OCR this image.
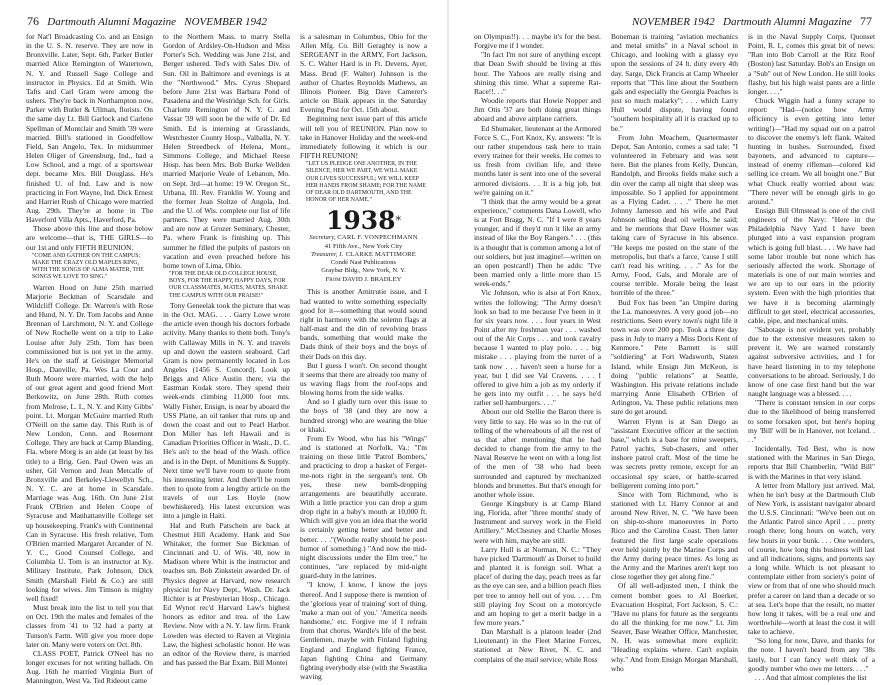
76 Dartmouth Alumni Magazine NOVEMBER 1942

for Nat'l Broadcasting Co. and an Ensign in the U. S. N. reserve. They are now in Bronxville. Later, Sept. 6th, Parker Butler married Alice Remington of Watertown, N. Y. and Russell Sage College and instructor in Physics. Ed at Smith. Win Tafts and Carl Gram were among the ushers. They're back in Northampton now, Parker with Butler & Ullman, florists. On the same day Lt. Bill Garlock and Carlene Spellman of Montclair and Smith '39 were married. Bill's stationed in Goodfellow Field, San Angelo, Tex. In midsummer Helen Oliger of Greensburg, Ind., had a Low School, and a mgr. of a sportswear dept. became Mrs. Bill Douglass. He's finished U. of Ind. Law and is now practicing in Fort Wayne, Ind. Dick Ernest and Harriet Rush of Chicago were married Aug. 29th. They're at home in The Haverford Villa Apts., Haverford, Pa.

Those above this line and those below are welcome—that is, THE GIRLS—to our 1st and only FIFTH REUNION.

"COME AND GATHER ON THE CAMPUS; MAKE THE CRAZY OLD MAPLES RING, WITH THE SONGS OF ALMA MATER, THE SONGS WE LOVE TO SING."

Warren Hood on June 25th married Marjorie Beckman of Scarsdale and Wildcliff College. Dr. Warren's with Rose and Hund, N. Y. Dr. Tom Jacobs and Anne Brennan of Larchmont, N. Y. and College of New Rochelle went on a trip to Lake Louise after July 25th. Tom has been commissioned but is not yet in the army. He's on the staff at Geisinger Memorial Hosp., Danville, Pa. Wes La Cour and Ruth Moore were married, with the help of our great agent and good friend Mort Berkowitz, on June 28th. Ruth comes from Melrose, L. I., N. Y. and Kitty Gibbs' point. Lt. Morgan McGuire married Ruth O'Neill on the same day. This Ruth is of New London, Conn. and Rosemont College. They are back at Camp Blanding, Fla. where Morg is an aide (at least by his title) to a Brig. Gen. Paul Owen was an usher, Gil Vernon and Jean Metcalfe of Bronxville and Berkeley-Llewellyn Sch., N. Y. C. are at home in Scarsdale. Marriage was Aug. 16th. On June 21st Frank O'Brien and Helen Coope of Syracuse and Manhattanville College set up housekeeping. Frank's with Continental Can in Syracuse. His fresh relative, Tom O'Brien married Margaret Arcander of N. Y. C., Good Counsel College, and Columbia U. Tom is an instructor at Ky. Military Institute, Park Johnson, Dick Smith (Marshall Field & Co.) are still looking for wives. Jim Timson is mighty well fixed!

Must break into the list to tell you that on Oct. 19th the males and females of the classes from '41 to '32 had a party at Tunson's Farm. Will give you more dope later on. Many were voters on Oct. 8th.

CLASS POET, Patrick O'Neel has no longer excuses for not writing ballads. On Aug. 16th he married Virginia Burt of Mannington, West Va. Ted Rideout came

to the Northern Mass. to marry Stella Gordon of Ardsley-On-Hudson and Miss Porter's Sch. Wedding was June 21st, and Berger ushered. Ted's with Sales Div. of Sun. Oil in Baltimore and evenings is at the "Northwood." Mrs. Cyrus Shepard before June 21st was Barbara Pond of Pasadena and the Westridge Sch. for Girls. Charlotte Remington of N. Y. C. and Vassar '39 will soon be the wife of Dr. Ed Smith. Ed is interning at Grasslands, Westchester County Hosp., Valhalla, N. Y. Helen Streedbeck of Helena, Mont., Simmons College, and Michael Reese Hosp. has been Mrs. Bob Burke Wellden married Marjorie Veale of Lebanon, Mo. on Sept. 3rd—at home: 19 W. Oregon St., Urbana, Ill. Rev. Franklin W. Young and the former Jean Stoltze of Angola, Ind. and the U. of Wis. complete our list of life partners. They were married Aug. 30th and are now at Grozer Seminary, Chester, Pa. where Frank is finishing up. This summer he filled the pulpits of pastors on vacation and even preached before his home town of Lima, Ohio.

"FOR THE DEAR OLD COLLEGE HOUSE, BOYS, FOR THE HAPPY, HAPPY DAYS, FOR OUR CLASSMATES, MATES, MATES, SHAKE THE CAMPUS WITH OUR PRAISE!"

Tony Geneelak took the picture that was in the Oct. MAG. . . . Garry Lowe wrote the article even though his doctors forbade activity. Many thanks to them both. Tony's with Callaway Mills in N. Y. and travels up and down the eastern seaboard. Carl Gram is now permanently located in Los Angeles (1456 S. Concord). Look up Briggs and Alice Austin there, via the Eastman Kodak store. They spend their week-ends climbing 11,000 foot mts. Wally Fisher, Ensign, is near by aboard the USS Platte, an oil tanker that runs up and down the coast and out to Pearl Harbor. Don Miller has left Hawaii and is Canadian Priorities Officer in Wash., D. C. He's an't to the head of the Wash. office and is in the Dept. of Munitions & Supply. Next time we'll have room to quote from his interesting letter. And there'll be room then to quote from a lengthy article on the travels of our Les Hoyle (now bewhiskered). His latest excursion was into a jungle in Haiti.

Hal and Ruth Patschein are back at Chestnut Hill Academy. Hank and Sue Whitaker, the former Sue Bickman of Cincinnati and U. of Wis. '40, now in Madison where Whit is the instructor and teaches sm. Bob Zinkstein awarded Dr. of Physics degree at Harvard, now research physicist for Navy Dept., Wash. Dr. Jack Richter is at Presbyterian Hosp., Chicago. Ed Wynot rec'd Harvard Law's highest honors as editor and trea. of the Law Review. Now with a N. Y. law firm. Frank Lowden was elected to Raven at Virginia Law, the highest scholastic honor. He was an editor of the Review there, is married and has passed the Bar Exam. Bill Montei

is a salesman in Columbus, Ohio for the Allen Mfg. Co. Bill Geraghty is now a SERGEANT in the ARMY, Fort Jackson, S. C. Walter Hard is in Ft. Devens, Ayer, Mass. Brud (F. Walter) Johnson is the author of Charles Reynolds Mathews, an Illinois Pioneer. Big Dave Camerer's article on Blaik appears in the Saturday Evening Post for Oct. 15th about.

Beginning next issue part of this article will tell you of REUNION. Plan now to take in Hanover Holiday and the week-end immediately following it which is our FIFTH REUNION!

"LET US PLEDGE ONE ANOTHER, IN THE SILENCE, HER WE PART, WE WILL MAKE OUR LIVES SUCCESSFUL; WE WILL KEEP HER HANDS FROM SHAME; FOR THE NAME OF DEAR OLD DARTMOUTH, AND THE HONOR OF HER NAME."

1938*
Secretary, CARL F. VONPECHMANN
41 Fifth Ave., New York City
Treasurer, J. CLARKE MATTIMORE
Condé Nast Publications
Graybar Bldg., New York, N. Y.
From DAVID J. BRADLEY

This is another Amitrutie issue, and I had wanted to write something especially good for it—something that would sound right in harmony with the solemn flags at half-mast and the din of revolving brass bands, something that would make the Dads think of their boys and the boys of their Dads on this day.

But I guess I won't. On second thought it seems that there are already too many of us waving flags from the roof-tops and blowing horns from the side walks.

And so I gladly turn over this issue to the boys of '38 (and they are now a hundred strong) who are wearing the blue or khaki.

From Ev Wood, who has his "Wings" and is stationed at Norfolk, Va.: "I'm training on these little 'Patrol Bombers,' and practicing to drop a basket of Ferget-me-nots right in the sergeant's tent. Oh yes, these new bomb-dropping arrangements are beautifully accurate. With a little practice you can drop a gum drop right in a baby's mouth at 10,000 ft. Which will give you an idea that the world is certainly getting better and better and better. . . ."(Woodie really should be post-humor of something.) "And now the mid-night discussions under the Elm tree," he continues, "are replaced by mid-night guard-duty in the latrines.

"I know, I know, I know the joys thereof. And I suppose there is mention of the 'glorious year of training' sort of thing, 'make a man out of you.' 'America needs handsome,' etc. Forgive me if I refrain from that chorus. Wardle's life of the best. Gentlemen, maybe with Finland fighting England and England fighting France, Japan fighting China and Germany fighting everybody else (with the Swastika waving

NOVEMBER 1942 Dartmouth Alumni Magazine 77

on Olympus!!). . . maybe it's for the best. Forgive me if I wonder.

"In fact I'm not sure of anything except that Dean Swift should be living at this hour. The Yahoos are really rising and shining this time. What a supreme Rat-Race!!. . ."

Woodie reports that Howie Nopper and Jim Otis '37 are both doing great things aboard and above airplane carriers.

Ed Shumaker, lieutenant at the Armored Force S. C., Fort Knox, Ky. answers: "It is our rather stupendous task here to train every trainee for their weeks. He comes to us fresh from civilian life, and three months later is sent into one of the several armored divisions. . . It is a big job, but we're gaining on it."

"I think that the army would be a great experience," comments Dana Lowell, who is at Fort Bragg, N. C. "If I were 8 years younger, and if they'd run it like an army instead of like the Boy Rangers." . . . (this is a thought that is common among a lot of our soldiers, but just imagine!—written on an open postcard!) Then he adds: "I've been married only a little more than 15 week-ends."

Vic Johnson, who is also at Fort Knox, writes the following: "The Army doesn't look so bad to me because I've been in it for six years now. . . . four years in West Point after my freshman year . . . washed out of the Air Corps . . . and took cavalry because I wanted to play polo. . . . big mistake . . . playing from the turret of a tank now . . . haven't seen a horse for a year, but I did see Val Cravens. . . . I offered to give him a job as my orderly if he gets into my outfit . . . he says he'd rather sell hamburgers. . . ."

About our old Stellie the Baron there is very little to say. He was so in the rut of telling of the whereabouts of all the rest of us that after mentioning that he had decided to change from the army to the Naval Reserve he went on with a long list of the men of '38 who had been surrounded and captured by mechanized blonds and brunettes. But that's enough for another whole issue.

George Kingsbury is at Camp Bland ing, Florida, after "three months' study of Instrument and survey work in the Field Artillery." McChesney and Charlie Moses were with him, maybe are still.

Larry Hull is at Norman, N. C.: "They have picked 'Dartmouth' as Dorset to build and planted it is foreign soil. What a place! of during the day, peach trees as far as the eye can see, and a billion peach flies per tree to annoy hell out of you. . . . I'm still playing Joy Scout on a motorcycle and am hoping to get a merit badge in a few more years."

Dan Marshall is a platoon leader (2nd Lieutenant) in the Fleet Marine Forces, stationed at New River, N. C. and complains of the mail service; while Ross

Boneman is training "aviation mechanics and metal smiths" in a Naval school in Chicago, and looking with a glassy eye upon the sessions of 24 lt. duty every 4th day. Sarge, Dick Francis at Camp Wheeler reports that "This line about the Southern gals and especially the Georgia Peaches is just so much malarky"; . . . which Larry Hull would dispute, having found "southern hospitality all it is cracked up to be."

From John Meachem, Quartermaster Depot, San Antonio, comes a sad tale: "I volunteered in February and was sent here. But the planes from Kelly, Duncan, Randolph, and Brooks fields make such a din over the camp all night that sleep was impossible. So I applied for appointment as a Flying Cadet. . . ." There he met Johnny Jameson and his wife and Paul Johnson selling dead oil wells, he said; and he mentions that Dave Hosmer was taking care of Syracuse in his absence. "He keeps me posted on the state of the metropolis, but that's a farce, 'cause I still can't read his writing. . . ." As for the Army, Food, Gals, and Morale are of course terrible. Morale being the least horrible of the three."

Bud Fox has been "an Umpire during the La. manoeuvres. A very good job—no restrictions. Seen every town's night life it town was over 200 pop. Took a three day pass in July to marry a Miss Doris Kent of Kenmore." Pete Barnett is still "soldiering" at Fort Wadsworth, Staten Island, while Ensign Jim McKeon, is doing "public relations" at Seattle, Washington. His private relations include marrying Anne Elisabeth O'Brien of Arlington, Va. These public relations men sure do get around.

Warren Flynn is at San Diego as "assistant Executive officer at the section base," which is a base for mine sweepers, Patrol yachts, Sub-chasers, and other inshore patrol craft. Most of the time he was secrets pretty remote, except for an occasional spy scare, or battle-scarred belligerent coming into port."

Since with Tom Richmond, who is stationed with Lt. Harry Connor at and around New River, N. C. "We have been on ship-to-shore manoeuvres in Porto Rico and the Carolina Coast. Then latter featured the first large scale operations ever held jointly by the Marine Corps and the Army during peace times. As long as the Army and the Marines aren't kept too close together they get along fine."

Of all well-adjusted men, I think the cement bomber goes to Al Boerker, Evacuation Hospital, Fort Jackson, S. C.: "Have no plans for future as the sergeants do all the thinking for me now." Lt. Jim Seaver, Base Weather Office, Manchester, N. H. was somewhat more explicit: "Heading explains where. Can't explain why." And from Ensign Morgan Marshall, who

is in the Naval Supply Corps, Quonset Point, R. I., comes this great bit of news: "Ran into Bob Carroll at the Ritz Roof (Boston) last Saturday. Bob's an Ensign on a "Sub" out of New London. He still looks flashy, but his high waist pants are a little longer. . . ."

Chuck Wiggin had a funny scrape to report: "Had—(notice how Army efficiency is even getting into letter writing!)—"Had my squad out on a patrol to discover the enemy's left flank. Waited hunting in bushes. Surrounded, fixed bayonets, and advanced to capture—instead of enemy rifleman—colored kid selling ice cream. We all bought one." But what Chuck really worried about was: "There never will be enough girls to go around."

Ensign Bill Olmstead is one of the civil engineers of the Navy: "Here in the Philadelphia Navy Yard I have been plunged into a vast expansion program which is going full blast. . . . We have had some labor trouble but none which has seriously affected the work. Shortage of materials is one of our main worries and we are up to our ears in the priority system. Even with the high priorities that we have it is becoming alarmingly difficult to get steel, electrical accessories, cable, pipe, and mechanical units.

"Sabotage is not evident yet, probably due to the extensive measures taken to prevent it. We are warned constantly against subversive activities, and I for have heard listening in to my telephone conversations to be abroad. Seriously, I do know of one case first hand but the war naught language was a blessed. . . .

"There is constant tension in our corps due to the likelihood of being transferred to some forsaken spot, but here's hoping my 'Bill' will be in Hanover, not Iceland. . . ."

Incidentally, Ted Best, who is now stationed with the Marines in San Diego, reports that Bill Chamberlin, "Wild Bill" is with the Marines in that very island.

A letter from Mallory just arrived. Mal, when he isn't busy at the Dartmouth Club of New York, is assistant navigator aboard the U.S.S. Cincinnati: "We've been out on the Atlantic Patrol since April . . . pretty rough there; long hours on watch, very few hours in your bunk. . . . One wonders, of course, how long this business will last and all indications, signs, and portents say a long while. Which is not pleasant to contemplate either from society's point of view or from that of one who should much prefer a career on land than a decade or so at sea. Let's hope that the result, no matter how long it takes, will be a real one and worthwhile—worth at least the cost it will take to achieve.

"So long for now, Dave, and thanks for the note. I haven't heard from any '38s lately, but I can fancy well think of a goodly number who owe me letters. . . ."

. . . And that almost completes the list
